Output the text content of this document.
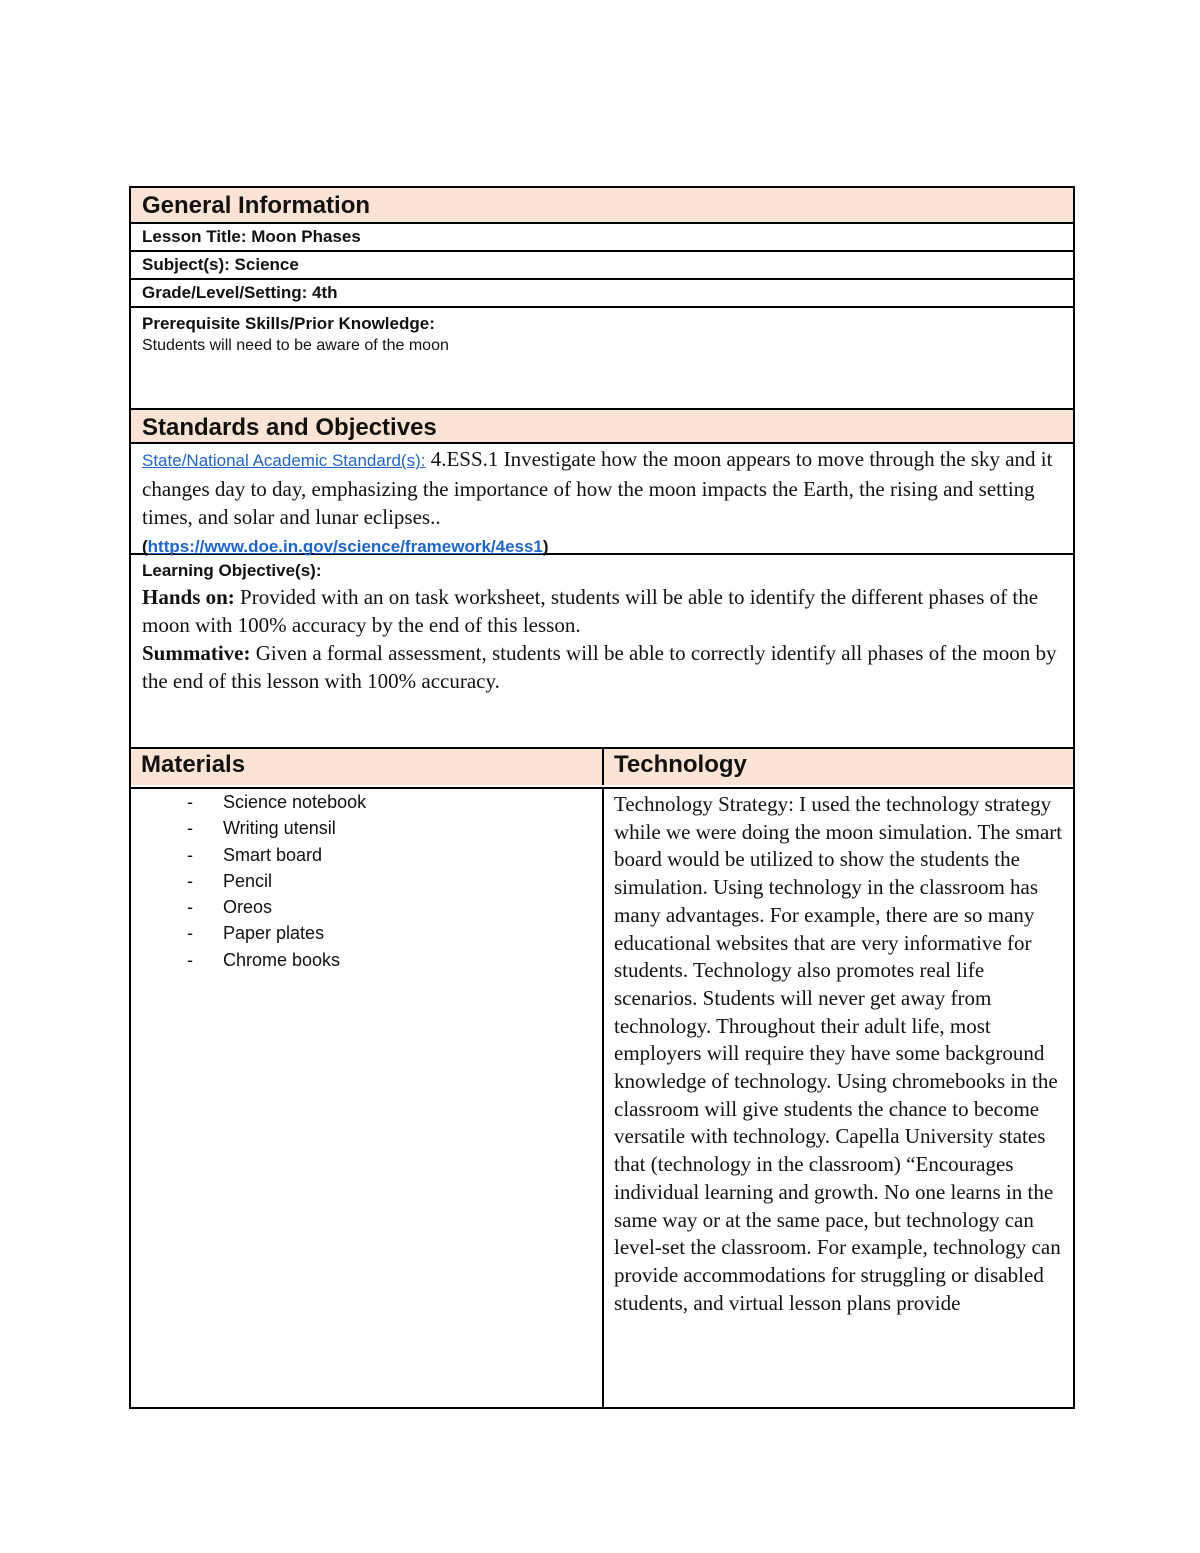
General Information
Lesson Title: Moon Phases
Subject(s): Science
Grade/Level/Setting: 4th
Prerequisite Skills/Prior Knowledge:
Students will need to be aware of the moon
Standards and Objectives
State/National Academic Standard(s): 4.ESS.1 Investigate how the moon appears to move through the sky and it changes day to day, emphasizing the importance of how the moon impacts the Earth, the rising and setting times, and solar and lunar eclipses..
(https://www.doe.in.gov/science/framework/4ess1)
Learning Objective(s):
Hands on: Provided with an on task worksheet, students will be able to identify the different phases of the moon with 100% accuracy by the end of this lesson.
Summative: Given a formal assessment, students will be able to correctly identify all phases of the moon by the end of this lesson with 100% accuracy.
Materials	Technology
- Science notebook
- Writing utensil
- Smart board
- Pencil
- Oreos
- Paper plates
- Chrome books
Technology Strategy: I used the technology strategy while we were doing the moon simulation. The smart board would be utilized to show the students the simulation. Using technology in the classroom has many advantages. For example, there are so many educational websites that are very informative for students. Technology also promotes real life scenarios. Students will never get away from technology. Throughout their adult life, most employers will require they have some background knowledge of technology. Using chromebooks in the classroom will give students the chance to become versatile with technology. Capella University states that (technology in the classroom) “Encourages individual learning and growth. No one learns in the same way or at the same pace, but technology can level-set the classroom. For example, technology can provide accommodations for struggling or disabled students, and virtual lesson plans provide
